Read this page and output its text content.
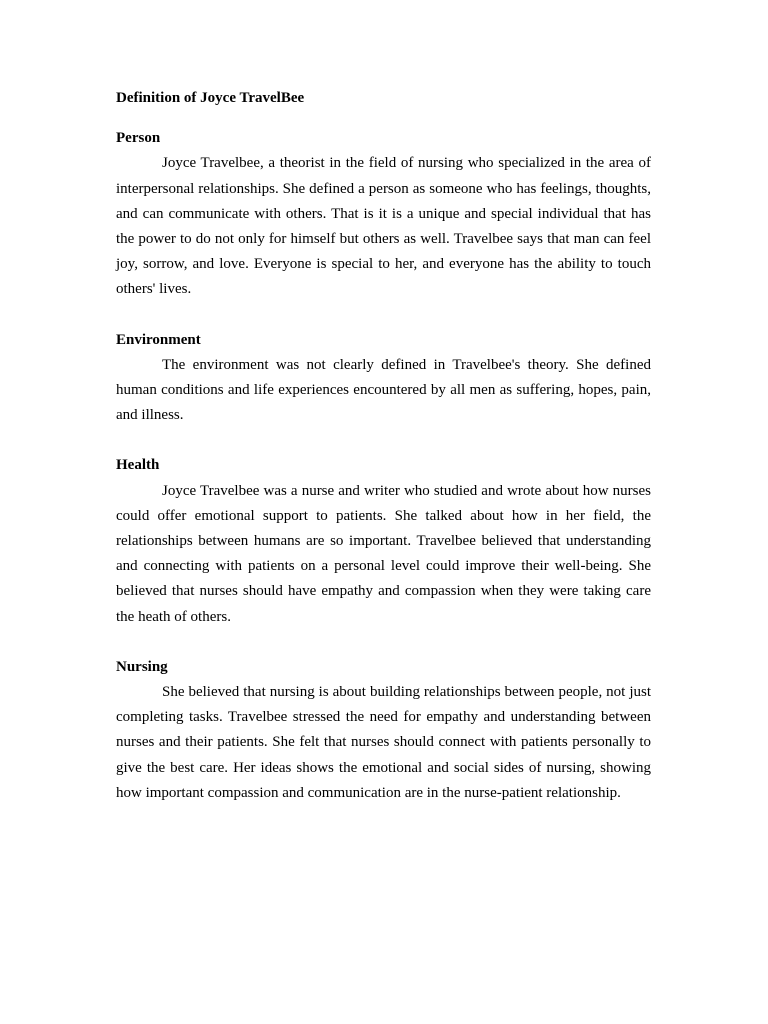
Definition of Joyce TravelBee

Person

Joyce Travelbee, a theorist in the field of nursing who specialized in the area of interpersonal relationships. She defined a person as someone who has feelings, thoughts, and can communicate with others. That is it is a unique and special individual that has the power to do not only for himself but others as well. Travelbee says that man can feel joy, sorrow, and love. Everyone is special to her, and everyone has the ability to touch others' lives.

Environment

The environment was not clearly defined in Travelbee's theory. She defined human conditions and life experiences encountered by all men as suffering, hopes, pain, and illness.

Health

Joyce Travelbee was a nurse and writer who studied and wrote about how nurses could offer emotional support to patients. She talked about how in her field, the relationships between humans are so important. Travelbee believed that understanding and connecting with patients on a personal level could improve their well-being. She believed that nurses should have empathy and compassion when they were taking care the heath of others.

Nursing

She believed that nursing is about building relationships between people, not just completing tasks. Travelbee stressed the need for empathy and understanding between nurses and their patients. She felt that nurses should connect with patients personally to give the best care. Her ideas shows the emotional and social sides of nursing, showing how important compassion and communication are in the nurse-patient relationship.
